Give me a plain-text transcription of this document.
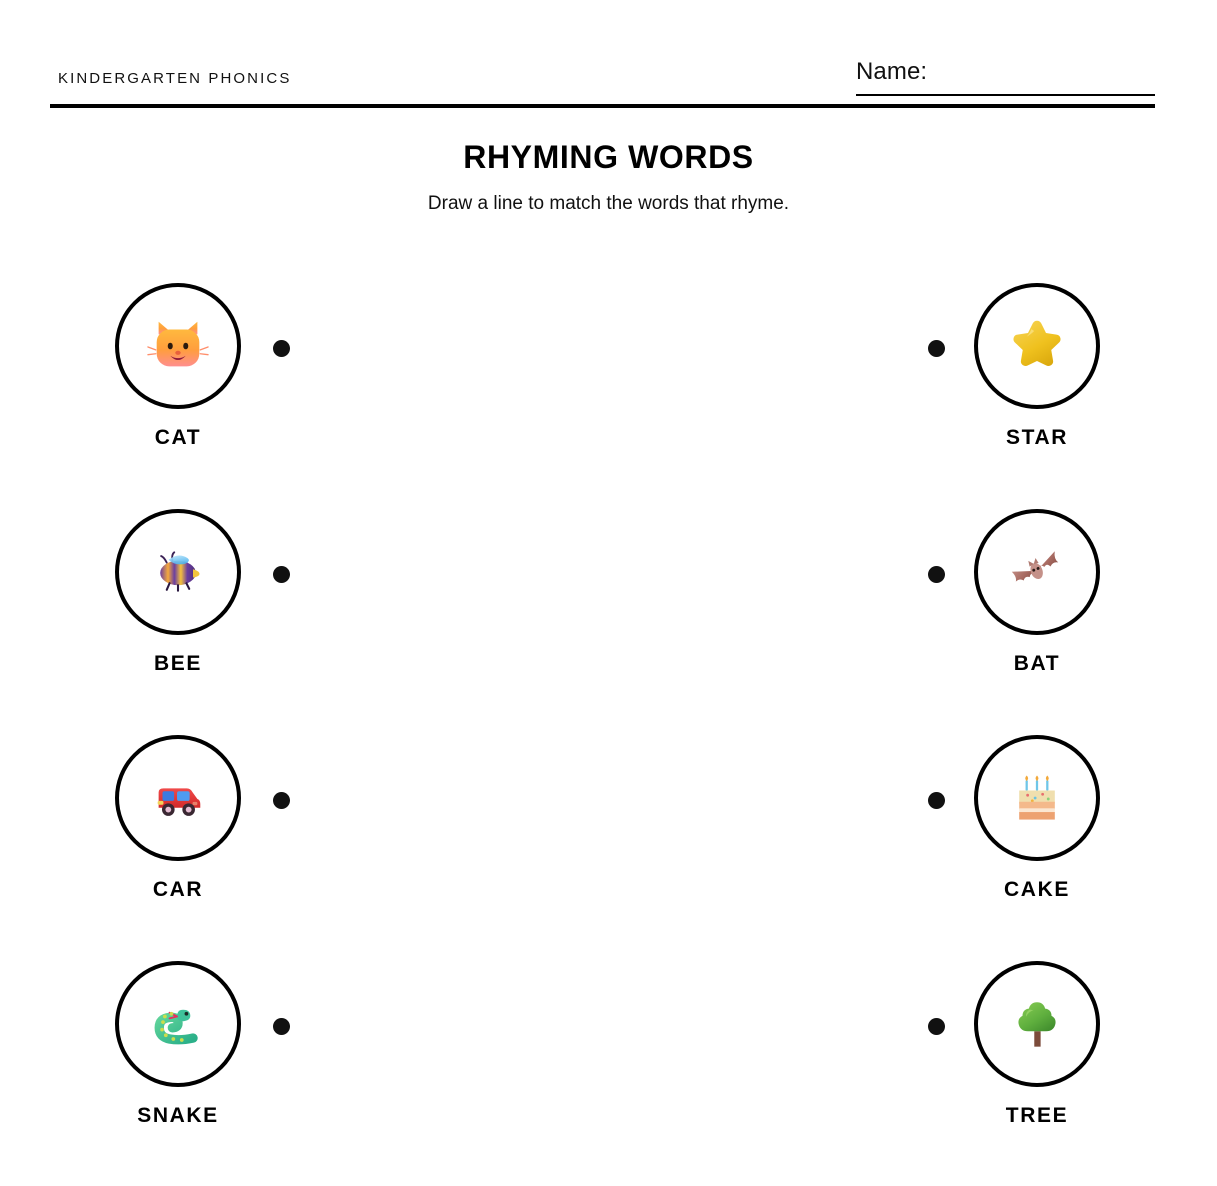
KINDERGARTEN PHONICS	Name:
RHYMING WORDS

Draw a line to match the words that rhyme.

CAT	STAR
BEE	BAT
CAR	CAKE
SNAKE	TREE
